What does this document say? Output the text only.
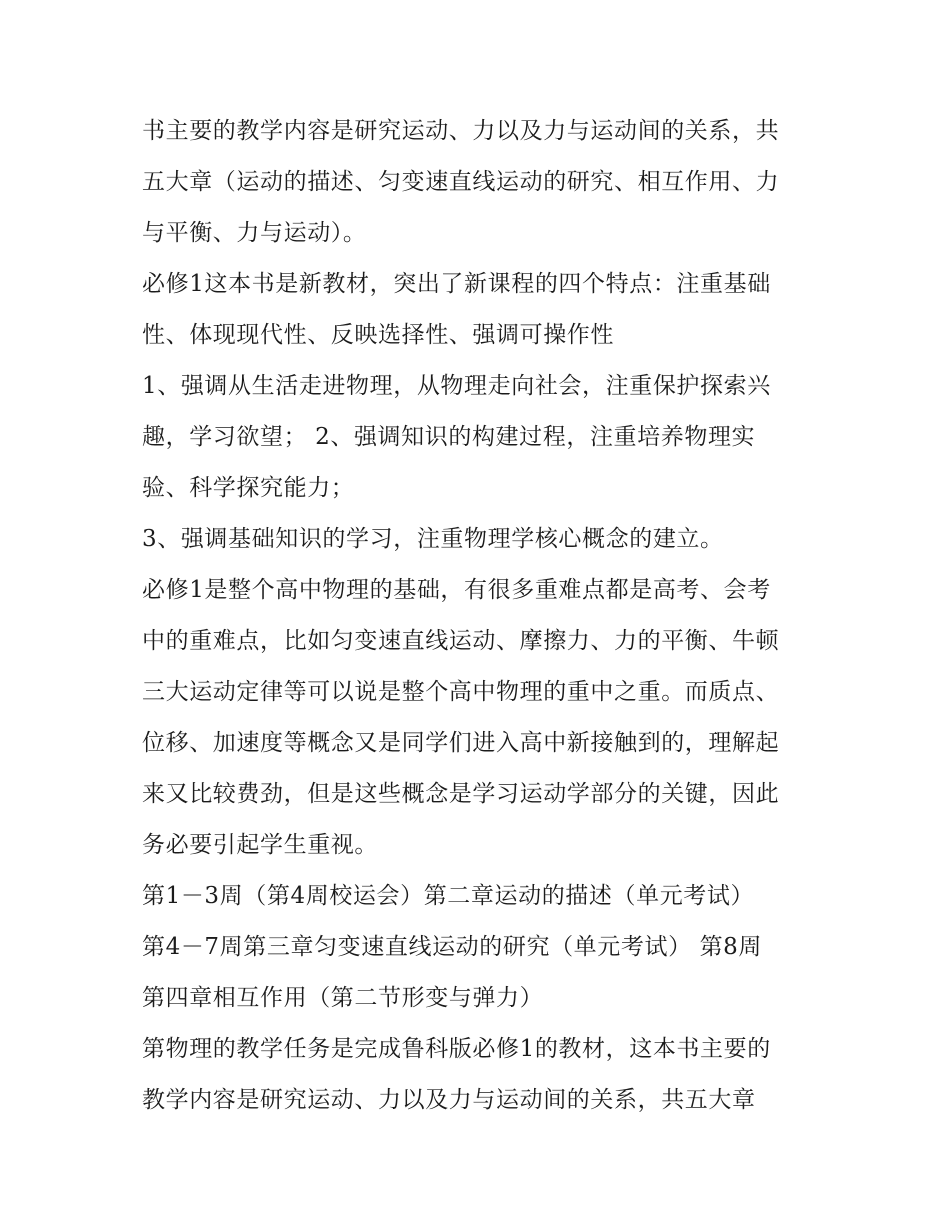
书主要的教学内容是研究运动、力以及力与运动间的关系，共
五大章（运动的描述、匀变速直线运动的研究、相互作用、力
与平衡、力与运动）。
必修1这本书是新教材，突出了新课程的四个特点：注重基础
性、体现现代性、反映选择性、强调可操作性
1、强调从生活走进物理，从物理走向社会，注重保护探索兴
趣，学习欲望； 2、强调知识的构建过程，注重培养物理实
验、科学探究能力；
3、强调基础知识的学习，注重物理学核心概念的建立。
必修1是整个高中物理的基础，有很多重难点都是高考、会考
中的重难点，比如匀变速直线运动、摩擦力、力的平衡、牛顿
三大运动定律等可以说是整个高中物理的重中之重。而质点、
位移、加速度等概念又是同学们进入高中新接触到的，理解起
来又比较费劲，但是这些概念是学习运动学部分的关键，因此
务必要引起学生重视。
第1－3周（第4周校运会）第二章运动的描述（单元考试）
第4－7周第三章匀变速直线运动的研究（单元考试） 第8周
第四章相互作用（第二节形变与弹力）
第物理的教学任务是完成鲁科版必修1的教材，这本书主要的
教学内容是研究运动、力以及力与运动间的关系，共五大章
